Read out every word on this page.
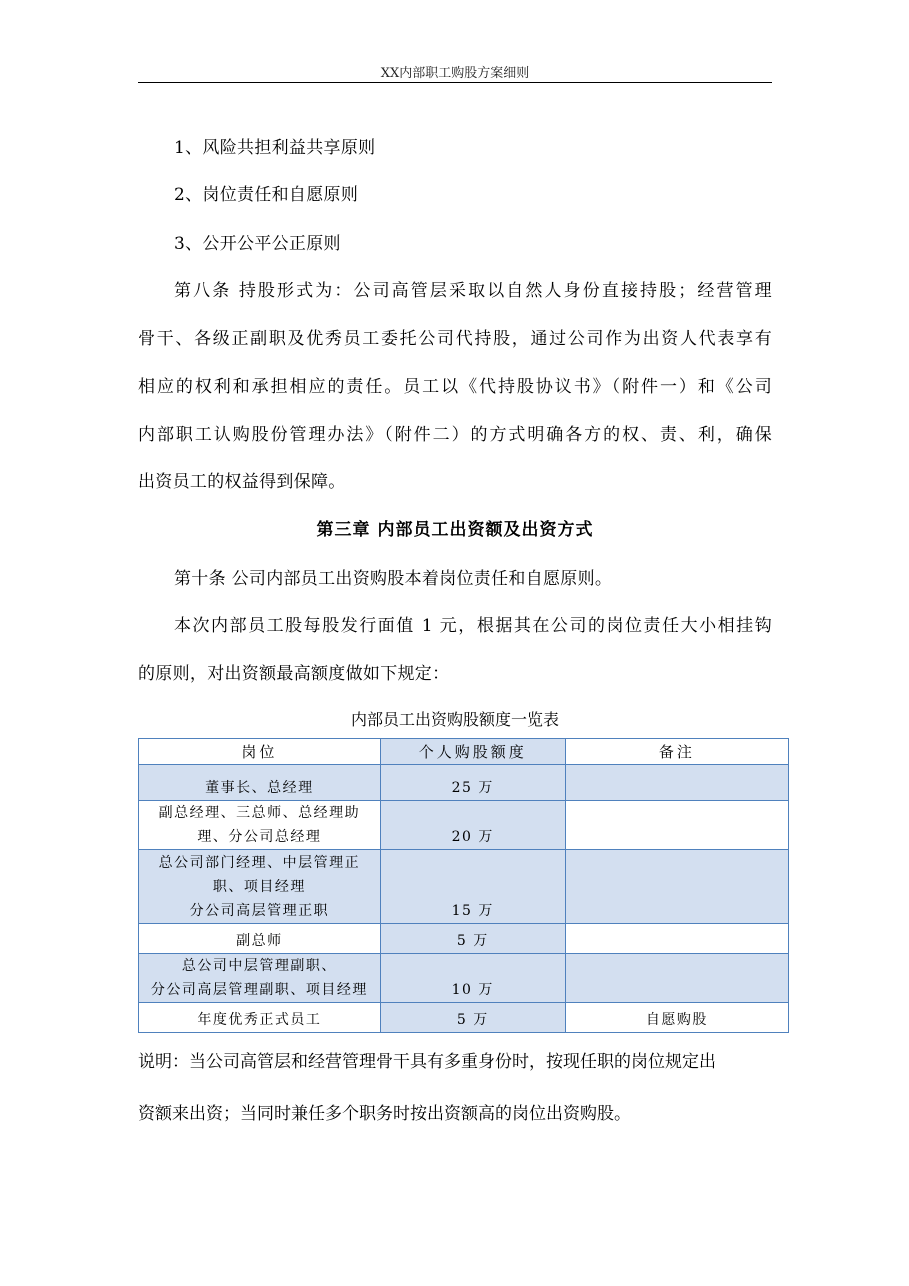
XX内部职工购股方案细则
1、风险共担利益共享原则
2、岗位责任和自愿原则
3、公开公平公正原则
第八条 持股形式为：公司高管层采取以自然人身份直接持股；经营管理
骨干、各级正副职及优秀员工委托公司代持股，通过公司作为出资人代表享有
相应的权利和承担相应的责任。员工以《代持股协议书》（附件一）和《公司
内部职工认购股份管理办法》（附件二）的方式明确各方的权、责、利，确保
出资员工的权益得到保障。
第三章 内部员工出资额及出资方式
第十条 公司内部员工出资购股本着岗位责任和自愿原则。
本次内部员工股每股发行面值 1 元，根据其在公司的岗位责任大小相挂钩
的原则，对出资额最高额度做如下规定：
内部员工出资购股额度一览表
岗位	个人购股额度	备注

董事长、总经理	25 万	

副总经理、三总师、总经理助
理、分公司总经理	20 万	

总公司部门经理、中层管理正
职、项目经理
分公司高层管理正职	15 万	

副总师	5 万	

总公司中层管理副职、
分公司高层管理副职、项目经理	10 万	

年度优秀正式员工	5 万	自愿购股
说明：当公司高管层和经营管理骨干具有多重身份时，按现任职的岗位规定出
资额来出资；当同时兼任多个职务时按出资额高的岗位出资购股。
